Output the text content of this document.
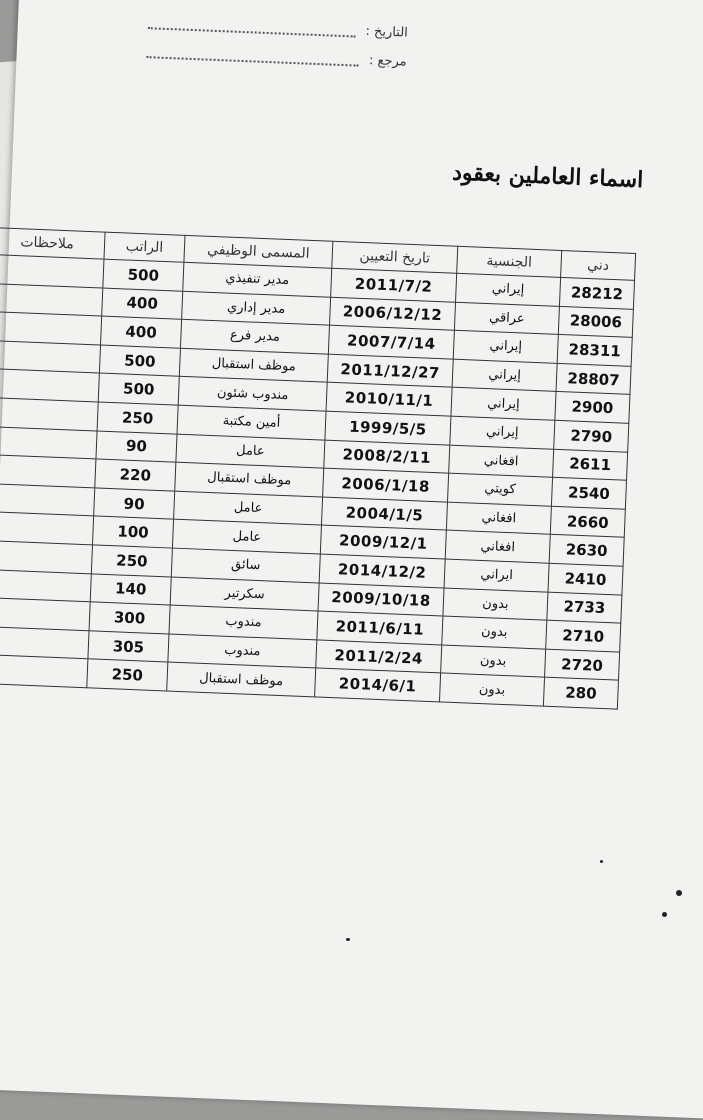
التاريخ :
مرجع :
اسماء العاملين بعقود
دني	الجنسية	تاريخ التعيين	المسمى الوظيفي	الراتب	ملاحظات
28212	إيراني	2011/7/2	مدير تنفيذي	500	
28006	عراقي	2006/12/12	مدير إداري	400	
28311	إيراني	2007/7/14	مدير فرع	400	
28807	إيراني	2011/12/27	موظف استقبال	500	
2900	إيراني	2010/11/1	مندوب شئون	500	
2790	إيراني	1999/5/5	أمين مكتبة	250	
2611	افغاني	2008/2/11	عامل	90	
2540	كويتي	2006/1/18	موظف استقبال	220	
2660	افغاني	2004/1/5	عامل	90	
2630	افغاني	2009/12/1	عامل	100	
2410	ايراني	2014/12/2	سائق	250	
2733	بدون	2009/10/18	سكرتير	140	
2710	بدون	2011/6/11	مندوب	300	
2720	بدون	2011/2/24	مندوب	305	
280	بدون	2014/6/1	موظف استقبال	250	
